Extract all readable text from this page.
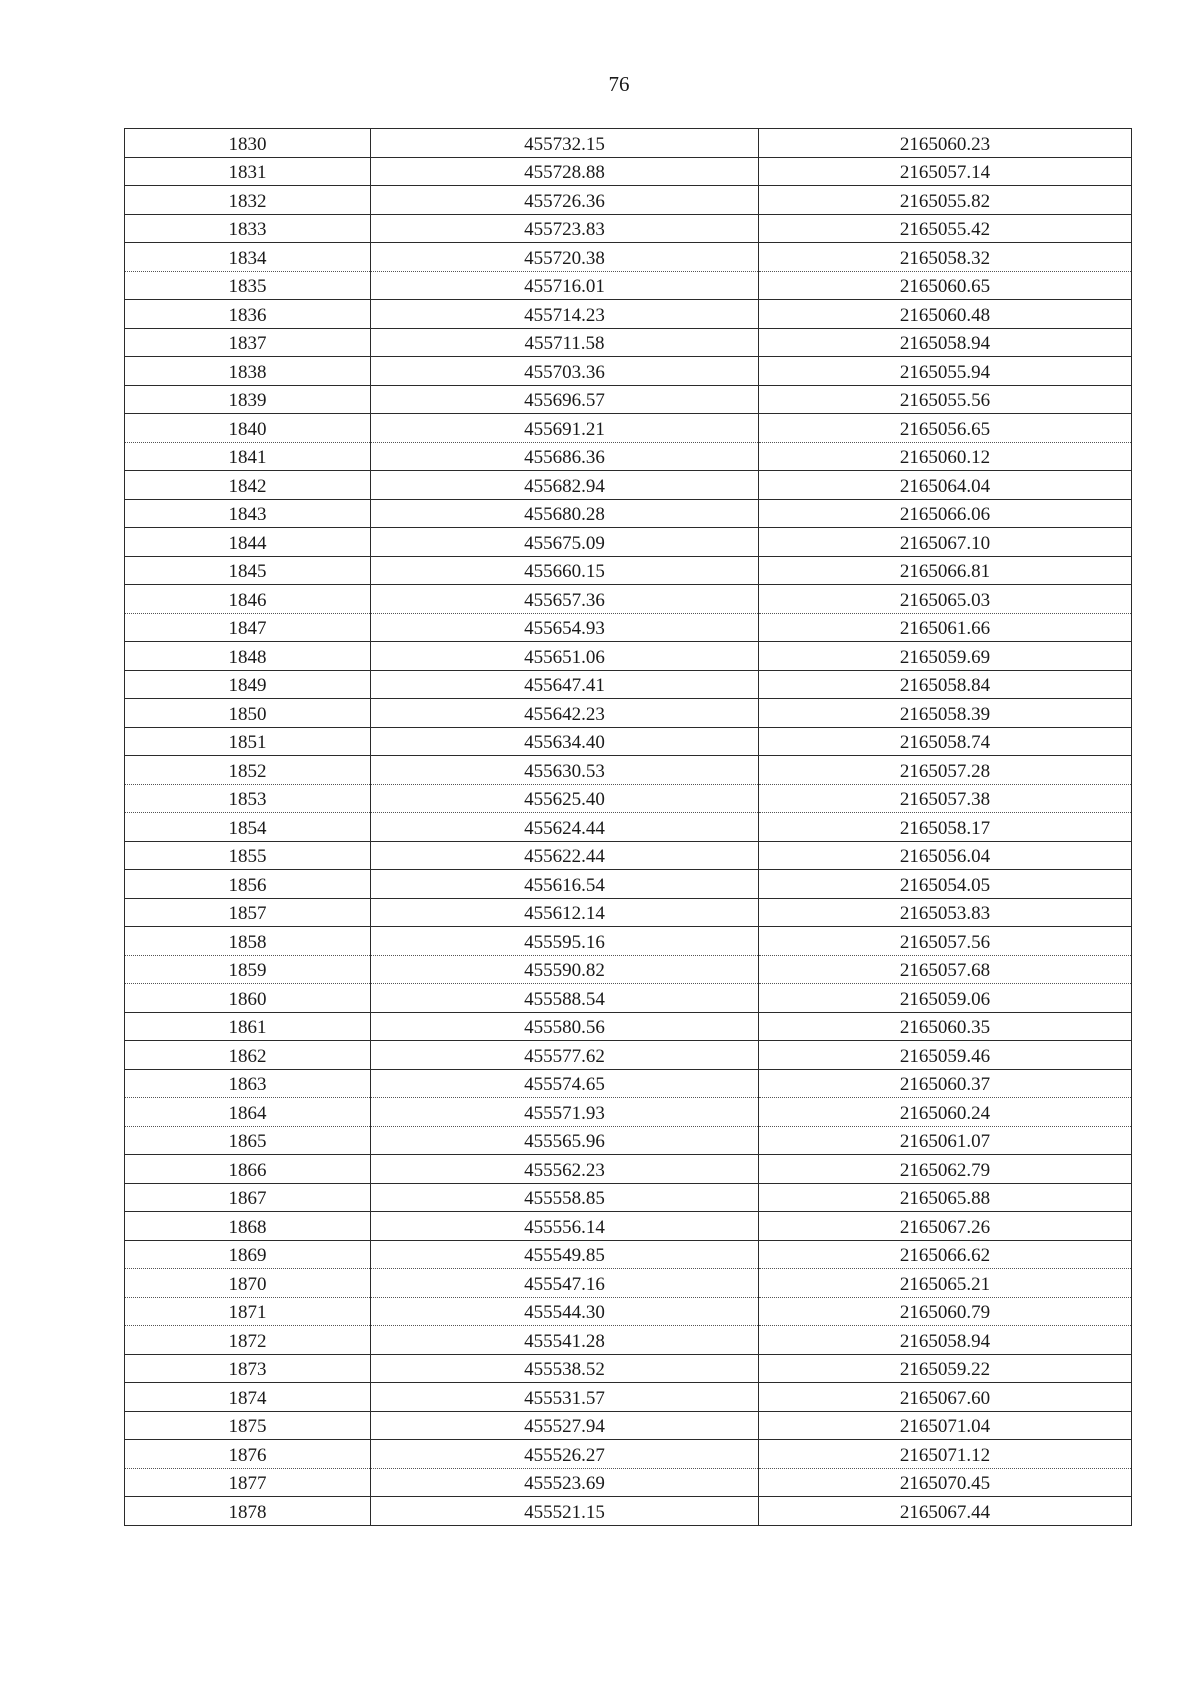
76
1830	455732.15	2165060.23
1831	455728.88	2165057.14
1832	455726.36	2165055.82
1833	455723.83	2165055.42
1834	455720.38	2165058.32
1835	455716.01	2165060.65
1836	455714.23	2165060.48
1837	455711.58	2165058.94
1838	455703.36	2165055.94
1839	455696.57	2165055.56
1840	455691.21	2165056.65
1841	455686.36	2165060.12
1842	455682.94	2165064.04
1843	455680.28	2165066.06
1844	455675.09	2165067.10
1845	455660.15	2165066.81
1846	455657.36	2165065.03
1847	455654.93	2165061.66
1848	455651.06	2165059.69
1849	455647.41	2165058.84
1850	455642.23	2165058.39
1851	455634.40	2165058.74
1852	455630.53	2165057.28
1853	455625.40	2165057.38
1854	455624.44	2165058.17
1855	455622.44	2165056.04
1856	455616.54	2165054.05
1857	455612.14	2165053.83
1858	455595.16	2165057.56
1859	455590.82	2165057.68
1860	455588.54	2165059.06
1861	455580.56	2165060.35
1862	455577.62	2165059.46
1863	455574.65	2165060.37
1864	455571.93	2165060.24
1865	455565.96	2165061.07
1866	455562.23	2165062.79
1867	455558.85	2165065.88
1868	455556.14	2165067.26
1869	455549.85	2165066.62
1870	455547.16	2165065.21
1871	455544.30	2165060.79
1872	455541.28	2165058.94
1873	455538.52	2165059.22
1874	455531.57	2165067.60
1875	455527.94	2165071.04
1876	455526.27	2165071.12
1877	455523.69	2165070.45
1878	455521.15	2165067.44
